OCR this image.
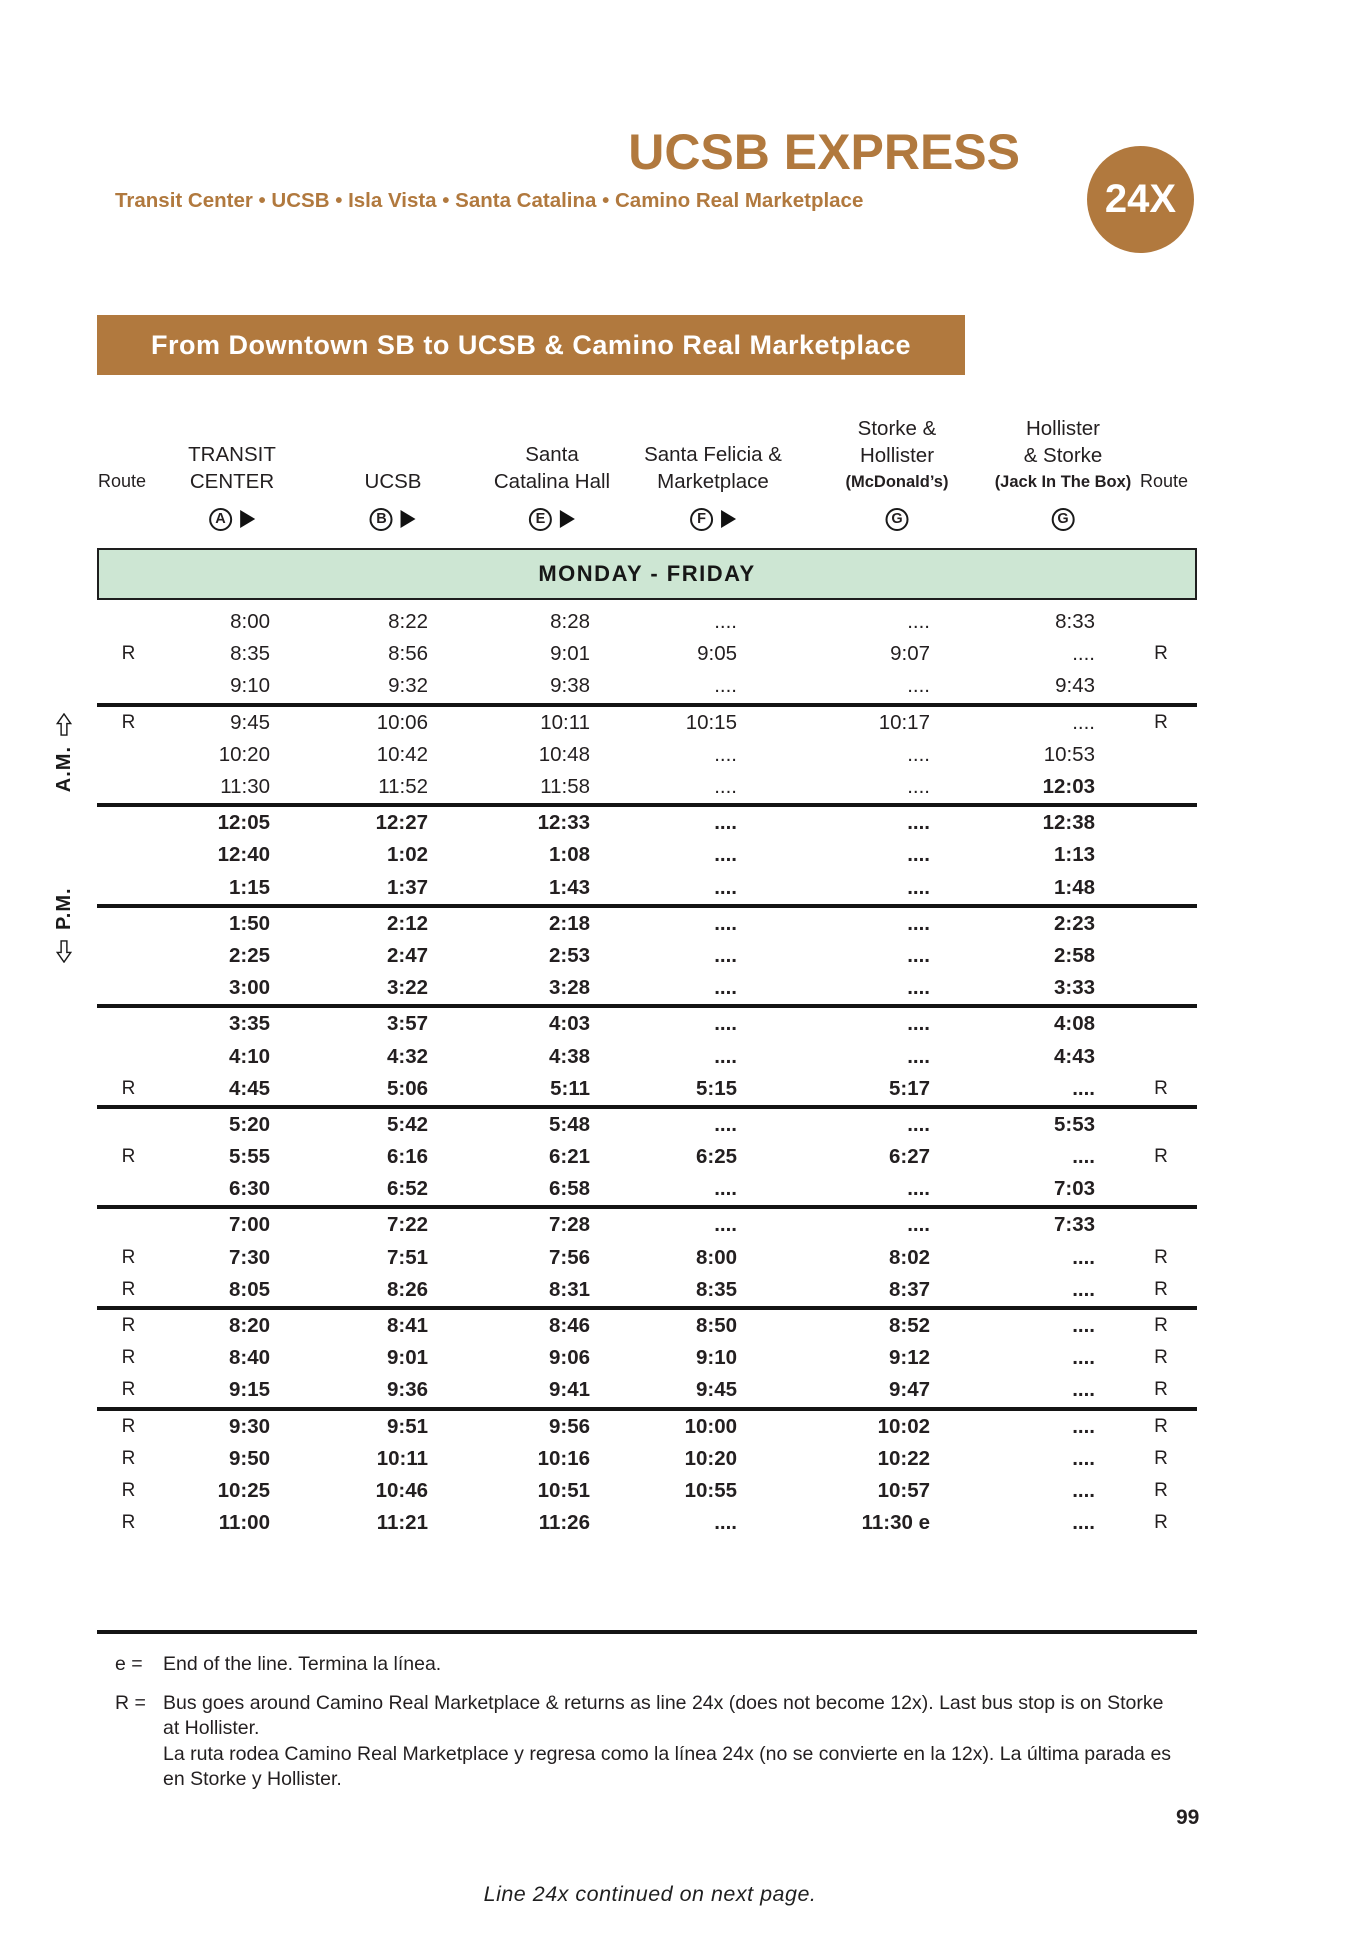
UCSB EXPRESS
24X
Transit Center • UCSB • Isla Vista • Santa Catalina • Camino Real Marketplace
From Downtown SB to UCSB & Camino Real Marketplace
Route
TRANSIT
CENTER
A
UCSB
B
Santa
Catalina Hall
E
Santa Felicia &
Marketplace
F
Storke &
Hollister
(McDonald’s)
G
Hollister
& Storke
(Jack In The Box)
G
Route
MONDAY - FRIDAY
8:00	8:22	8:28	....	....	8:33
R	8:35	8:56	9:01	9:05	9:07	....	R
9:10	9:32	9:38	....	....	9:43
R	9:45	10:06	10:11	10:15	10:17	....	R
10:20	10:42	10:48	....	....	10:53
11:30	11:52	11:58	....	....	12:03
12:05	12:27	12:33	....	....	12:38
12:40	1:02	1:08	....	....	1:13
1:15	1:37	1:43	....	....	1:48
1:50	2:12	2:18	....	....	2:23
2:25	2:47	2:53	....	....	2:58
3:00	3:22	3:28	....	....	3:33
3:35	3:57	4:03	....	....	4:08
4:10	4:32	4:38	....	....	4:43
R	4:45	5:06	5:11	5:15	5:17	....	R
5:20	5:42	5:48	....	....	5:53
R	5:55	6:16	6:21	6:25	6:27	....	R
6:30	6:52	6:58	....	....	7:03
7:00	7:22	7:28	....	....	7:33
R	7:30	7:51	7:56	8:00	8:02	....	R
R	8:05	8:26	8:31	8:35	8:37	....	R
R	8:20	8:41	8:46	8:50	8:52	....	R
R	8:40	9:01	9:06	9:10	9:12	....	R
R	9:15	9:36	9:41	9:45	9:47	....	R
R	9:30	9:51	9:56	10:00	10:02	....	R
R	9:50	10:11	10:16	10:20	10:22	....	R
R	10:25	10:46	10:51	10:55	10:57	....	R
R	11:00	11:21	11:26	....	11:30 e	....	R
P.M.
A.M.
e =	End of the line. Termina la línea.
R = Bus goes around Camino Real Marketplace & returns as line 24x (does not become 12x). Last bus stop is on Storke
at Hollister.
La ruta rodea Camino Real Marketplace y regresa como la línea 24x (no se convierte en la 12x). La última parada es
en Storke y Hollister.
99
Line 24x continued on next page.
